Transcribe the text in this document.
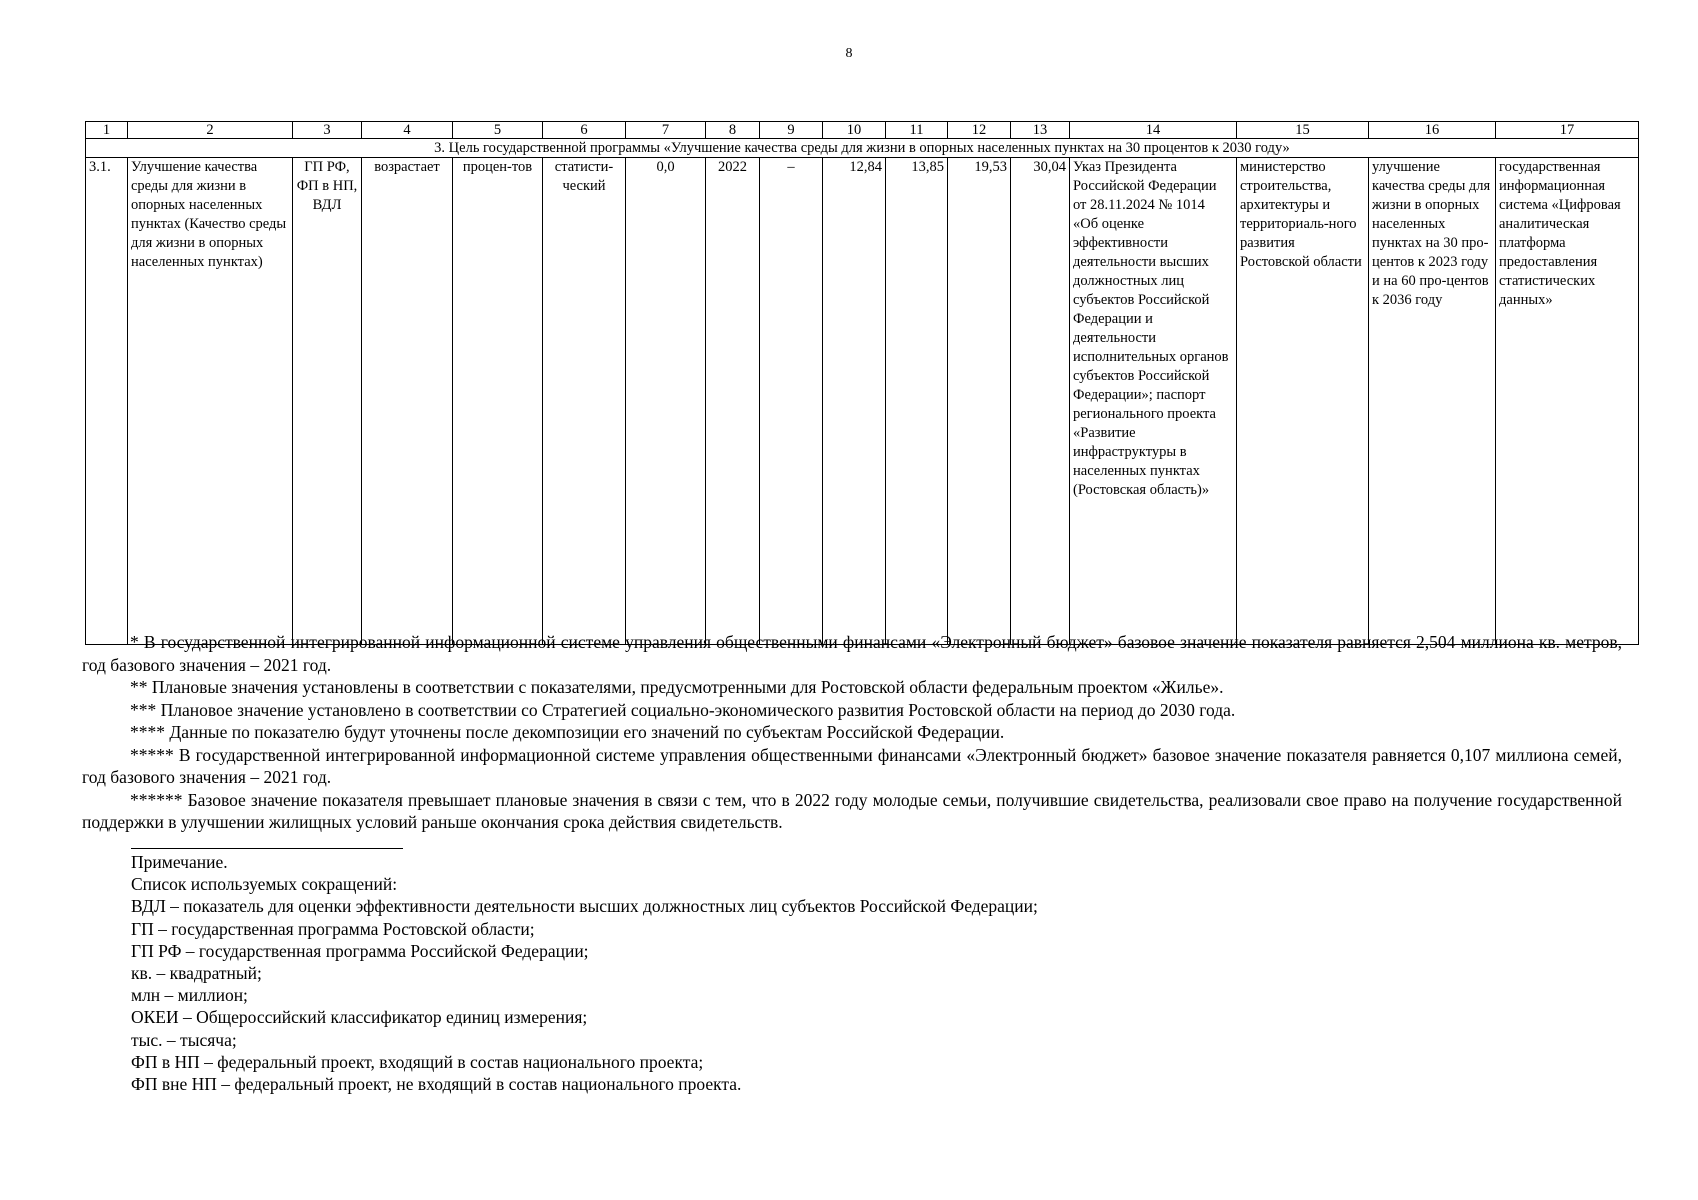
8
1	2	3	4	5	6	7	8	9	10	11	12	13	14	15	16	17
3. Цель государственной программы «Улучшение качества среды для жизни в опорных населенных пунктах на 30 процентов к 2030 году»																
3.1.	Улучшение качества среды для жизни в опорных населенных пунктах (Качество среды для жизни в опорных населенных пунктах)	ГП РФ, ФП в НП, ВДЛ	возрастает	процен-тов	статисти-ческий	0,0	2022	–	12,84	13,85	19,53	30,04	Указ Президента Российской Федерации от 28.11.2024 № 1014 «Об оценке эффективности деятельности высших должностных лиц субъектов Российской Федерации и деятельности исполнительных органов субъектов Российской Федерации»; паспорт регионального проекта «Развитие инфраструктуры в населенных пунктах (Ростовская область)»	министерство строительства, архитектуры и территориаль-ного развития Ростовской области	улучшение качества среды для жизни в опорных населенных пунктах на 30 про-центов к 2023 году и на 60 про-центов к 2036 году	государственная информационная система «Цифровая аналитическая платформа предоставления статистических данных»

* В государственной интегрированной информационной системе управления общественными финансами «Электронный бюджет» базовое значение показателя равняется 2,504 миллиона кв. метров, год базового значения – 2021 год.

** Плановые значения установлены в соответствии с показателями, предусмотренными для Ростовской области федеральным проектом «Жилье».

*** Плановое значение установлено в соответствии со Стратегией социально-экономического развития Ростовской области на период до 2030 года.

**** Данные по показателю будут уточнены после декомпозиции его значений по субъектам Российской Федерации.

***** В государственной интегрированной информационной системе управления общественными финансами «Электронный бюджет» базовое значение показателя равняется 0,107 миллиона семей, год базового значения – 2021 год.

****** Базовое значение показателя превышает плановые значения в связи с тем, что в 2022 году молодые семьи, получившие свидетельства, реализовали свое право на получение государственной поддержки в улучшении жилищных условий раньше окончания срока действия свидетельств.

Примечание.
Список используемых сокращений:
ВДЛ – показатель для оценки эффективности деятельности высших должностных лиц субъектов Российской Федерации;
ГП – государственная программа Ростовской области;
ГП РФ – государственная программа Российской Федерации;
кв. – квадратный;
млн – миллион;
ОКЕИ – Общероссийский классификатор единиц измерения;
тыс. – тысяча;
ФП в НП – федеральный проект, входящий в состав национального проекта;
ФП вне НП – федеральный проект, не входящий в состав национального проекта.
